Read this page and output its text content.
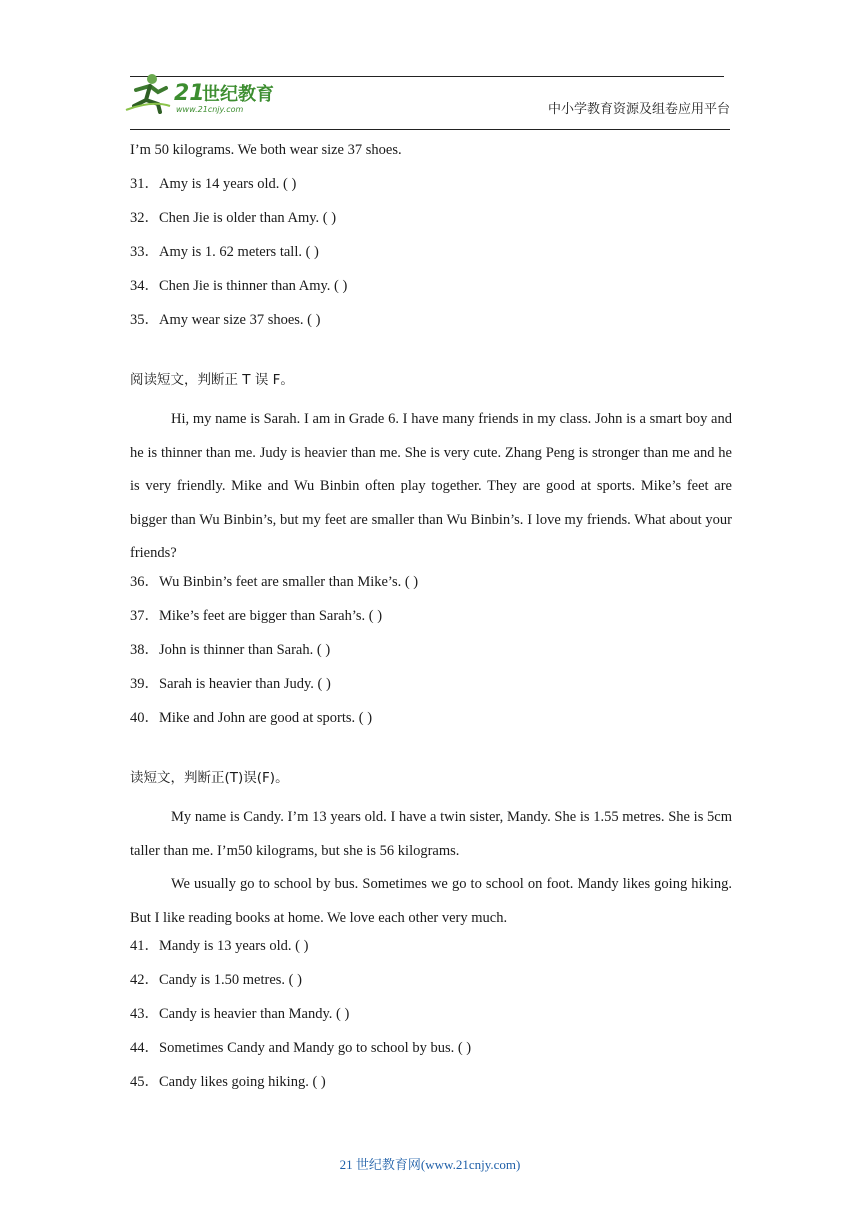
21
世纪教育
www.21cnjy.com	中小学教育资源及组卷应用平台
I’m 50 kilograms. We both wear size 37 shoes.
31．Amy is 14 years old. ( )
32．Chen Jie is older than Amy. ( )
33．Amy is 1. 62 meters tall. ( )
34．Chen Jie is thinner than Amy. ( )
35．Amy wear size 37 shoes. ( )
阅读短文，判断正 T 误 F。

Hi, my name is Sarah. I am in Grade 6. I have many friends in my class. John is a smart boy and he is thinner than me. Judy is heavier than me. She is very cute. Zhang Peng is stronger than me and he is very friendly. Mike and Wu Binbin often play together. They are good at sports. Mike’s feet are bigger than Wu Binbin’s, but my feet are smaller than Wu Binbin’s. I love my friends. What about your friends?

36．Wu Binbin’s feet are smaller than Mike’s. ( )
37．Mike’s feet are bigger than Sarah’s. ( )
38．John is thinner than Sarah. ( )
39．Sarah is heavier than Judy. ( )
40．Mike and John are good at sports. ( )
读短文，判断正(T)误(F)。

My name is Candy. I’m 13 years old. I have a twin sister, Mandy. She is 1.55 metres. She is 5cm taller than me. I’m50 kilograms, but she is 56 kilograms.

We usually go to school by bus. Sometimes we go to school on foot. Mandy likes going hiking. But I like reading books at home. We love each other very much.

41．Mandy is 13 years old. ( )
42．Candy is 1.50 metres. ( )
43．Candy is heavier than Mandy. ( )
44．Sometimes Candy and Mandy go to school by bus. ( )
45．Candy likes going hiking. ( )
21 世纪教育网(www.21cnjy.com)
